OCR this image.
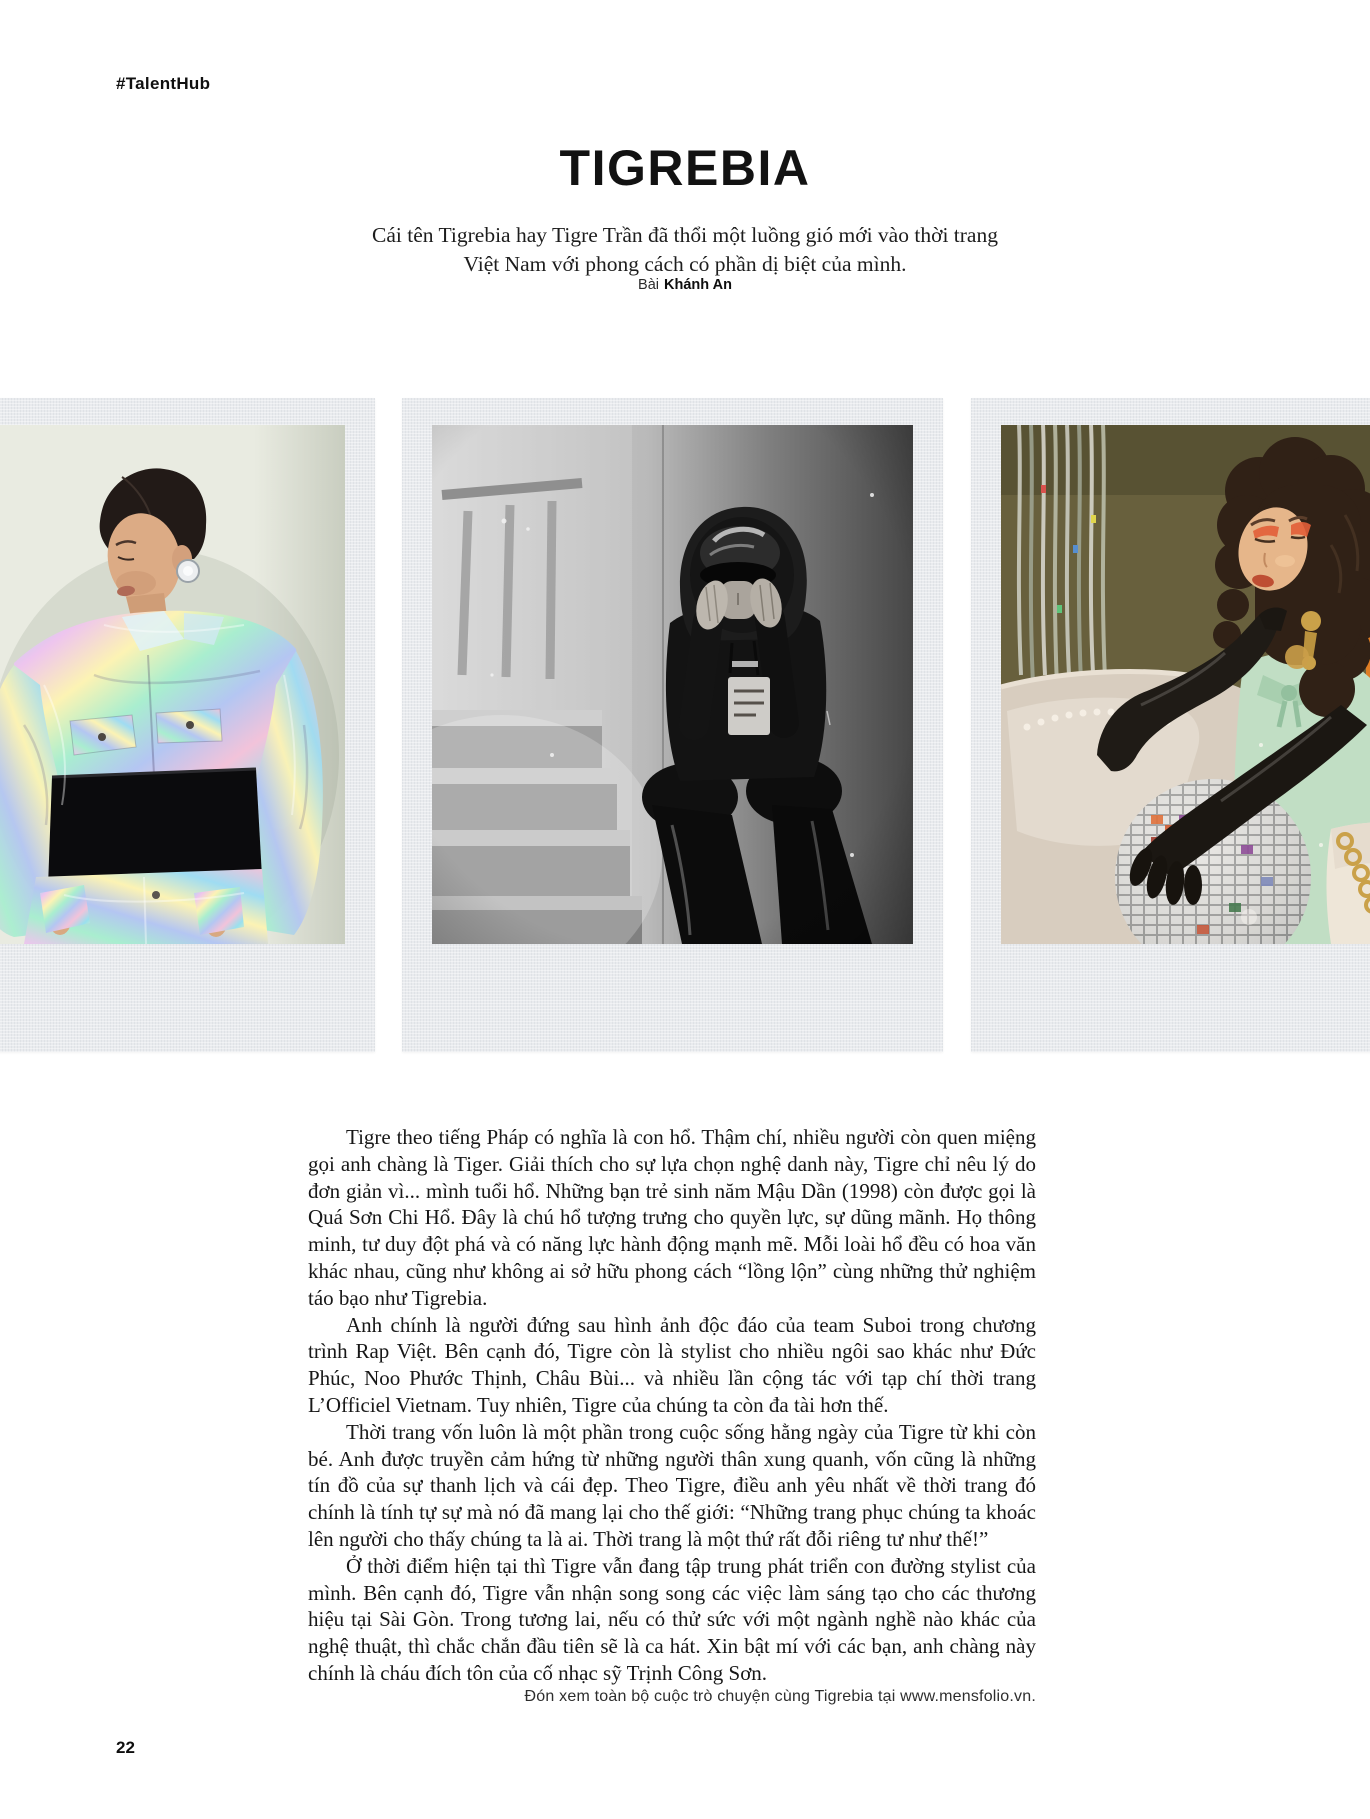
#TalentHub
TIGREBIA
Cái tên Tigrebia hay Tigre Trần đã thổi một luồng gió mới vào thời trang
Việt Nam với phong cách có phần dị biệt của mình.
Bài Khánh An

Tigre theo tiếng Pháp có nghĩa là con hổ. Thậm chí, nhiều người còn quen miệng gọi anh chàng là Tiger. Giải thích cho sự lựa chọn nghệ danh này, Tigre chỉ nêu lý do đơn giản vì... mình tuổi hổ. Những bạn trẻ sinh năm Mậu Dần (1998) còn được gọi là Quá Sơn Chi Hổ. Đây là chú hổ tượng trưng cho quyền lực, sự dũng mãnh. Họ thông minh, tư duy đột phá và có năng lực hành động mạnh mẽ. Mỗi loài hổ đều có hoa văn khác nhau, cũng như không ai sở hữu phong cách “lồng lộn” cùng những thử nghiệm táo bạo như Tigrebia.

Anh chính là người đứng sau hình ảnh độc đáo của team Suboi trong chương trình Rap Việt. Bên cạnh đó, Tigre còn là stylist cho nhiều ngôi sao khác như Đức Phúc, Noo Phước Thịnh, Châu Bùi... và nhiều lần cộng tác với tạp chí thời trang L’Officiel Vietnam. Tuy nhiên, Tigre của chúng ta còn đa tài hơn thế.

Thời trang vốn luôn là một phần trong cuộc sống hằng ngày của Tigre từ khi còn bé. Anh được truyền cảm hứng từ những người thân xung quanh, vốn cũng là những tín đồ của sự thanh lịch và cái đẹp. Theo Tigre, điều anh yêu nhất về thời trang đó chính là tính tự sự mà nó đã mang lại cho thế giới: “Những trang phục chúng ta khoác lên người cho thấy chúng ta là ai. Thời trang là một thứ rất đỗi riêng tư như thế!”

Ở thời điểm hiện tại thì Tigre vẫn đang tập trung phát triển con đường stylist của mình. Bên cạnh đó, Tigre vẫn nhận song song các việc làm sáng tạo cho các thương hiệu tại Sài Gòn. Trong tương lai, nếu có thử sức với một ngành nghề nào khác của nghệ thuật, thì chắc chắn đầu tiên sẽ là ca hát. Xin bật mí với các bạn, anh chàng này chính là cháu đích tôn của cố nhạc sỹ Trịnh Công Sơn.

Đón xem toàn bộ cuộc trò chuyện cùng Tigrebia tại www.mensfolio.vn.
22
